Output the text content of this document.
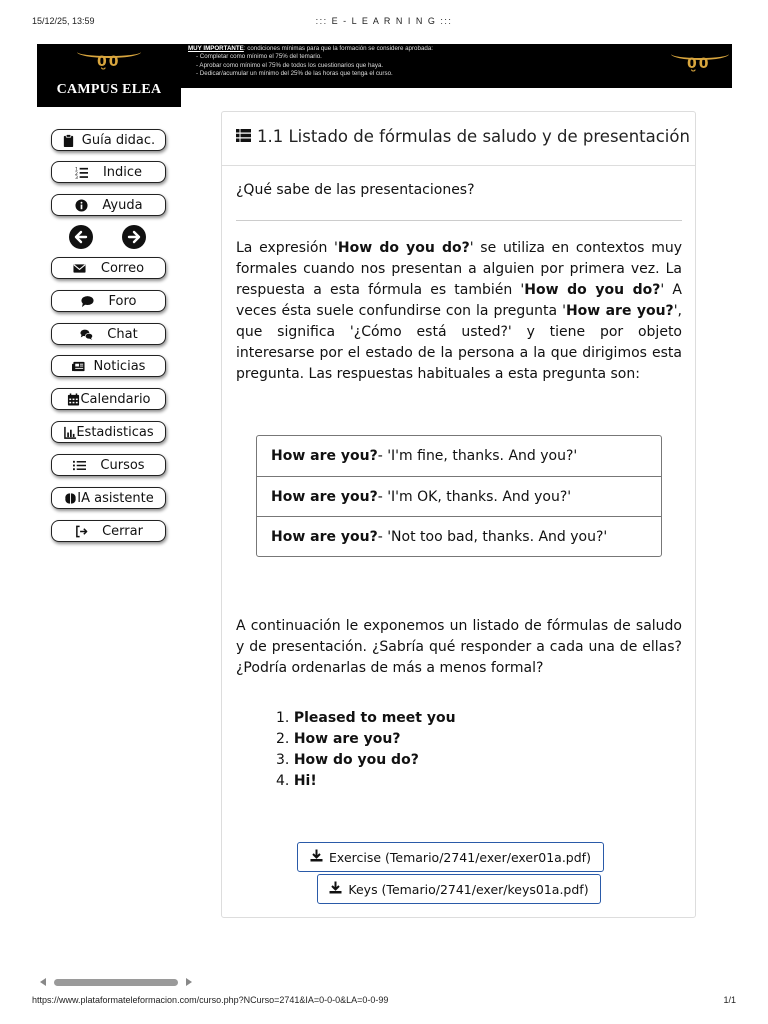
15/12/25, 13:59	::: E - L E A R N I N G :::
0̮0
0̮0
CAMPUS ELEA
MUY IMPORTANTE: condiciones mínimas para que la formación se considere aprobada:
- Completar como mínimo el 75% del temario.
- Aprobar como mínimo el 75% de todos los cuestionarios que haya.
- Dedicar/acumular un mínimo del 25% de las horas que tenga el curso.
Guía didac.
1
2
3 Indice
Ayuda
Correo
Foro
Chat
Noticias
Calendario
Estadisticas
Cursos
IA asistente
Cerrar
1.1 Listado de fórmulas de saludo y de presentación
¿Qué sabe de las presentaciones?
La expresión 'How do you do?' se utiliza en contextos muy formales cuando nos presentan a alguien por primera vez. La respuesta a esta fórmula es también 'How do you do?' A veces ésta suele confundirse con la pregunta 'How are you?', que significa '¿Cómo está usted?' y tiene por objeto interesarse por el estado de la persona a la que dirigimos esta pregunta. Las respuestas habituales a esta pregunta son:
How are you? - 'I'm fine, thanks. And you?'
How are you? - 'I'm OK, thanks. And you?'
How are you? - 'Not too bad, thanks. And you?'
A continuación le exponemos un listado de fórmulas de saludo y de presentación. ¿Sabría qué responder a cada una de ellas? ¿Podría ordenarlas de más a menos formal?
1. Pleased to meet you
2. How are you?
3. How do you do?
4. Hi!
Exercise (Temario/2741/exer/exer01a.pdf)
Keys (Temario/2741/exer/keys01a.pdf)
https://www.plataformateleformacion.com/curso.php?NCurso=2741&IA=0-0-0&LA=0-0-99	1/1
